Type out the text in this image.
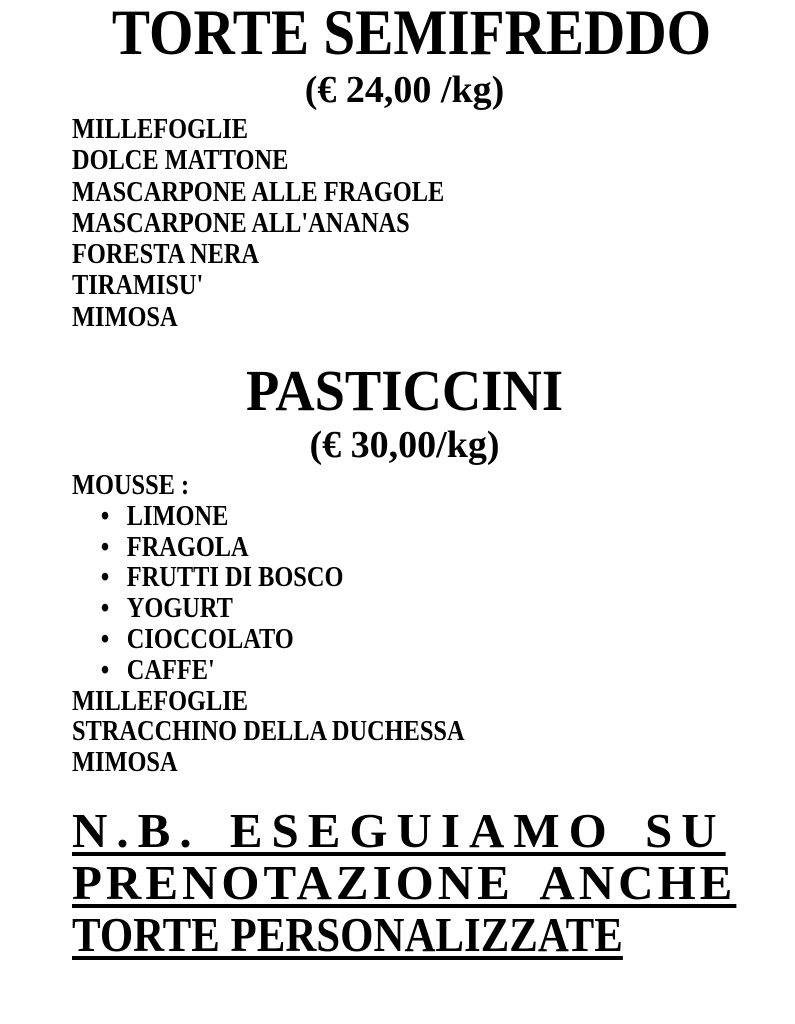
TORTE SEMIFREDDO
(€ 24,00 /kg)
MILLEFOGLIE
DOLCE MATTONE
MASCARPONE ALLE FRAGOLE
MASCARPONE ALL'ANANAS
FORESTA NERA
TIRAMISU'
MIMOSA
PASTICCINI
(€ 30,00/kg)
MOUSSE :
• LIMONE
• FRAGOLA
• FRUTTI DI BOSCO
• YOGURT
• CIOCCOLATO
• CAFFE'
MILLEFOGLIE
STRACCHINO DELLA DUCHESSA
MIMOSA
N.B. ESEGUIAMO SU
PRENOTAZIONE ANCHE
TORTE PERSONALIZZATE
